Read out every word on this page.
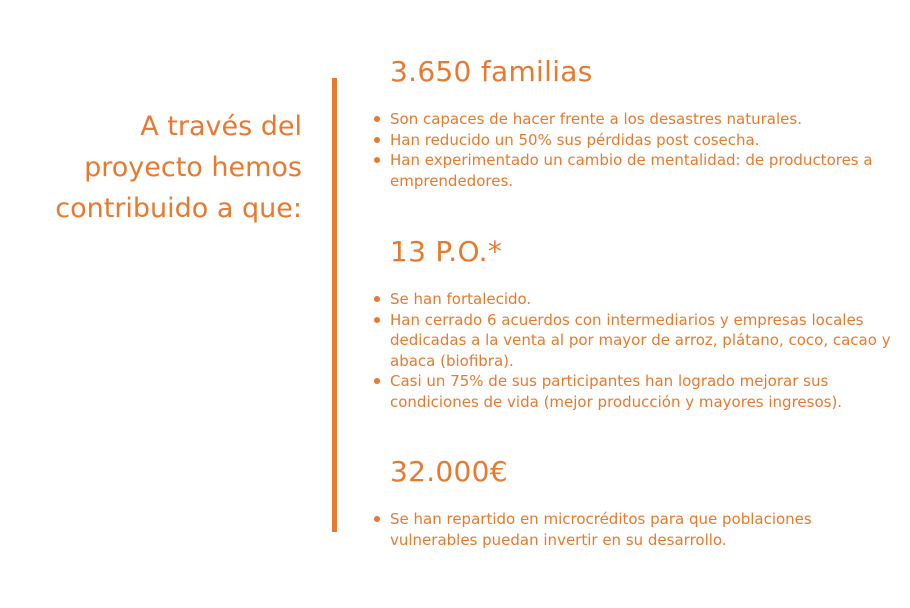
A través del
proyecto hemos
contribuido a que:
3.650 familias
Son capaces de hacer frente a los desastres naturales.
Han reducido un 50% sus pérdidas post cosecha.
Han experimentado un cambio de mentalidad: de productores a emprendedores.
13 P.O.*
Se han fortalecido.
Han cerrado 6 acuerdos con intermediarios y empresas locales dedicadas a la venta al por mayor de arroz, plátano, coco, cacao y abaca (biofibra).
Casi un 75% de sus participantes han logrado mejorar sus condiciones de vida (mejor producción y mayores ingresos).
32.000€
Se han repartido en microcréditos para que poblaciones vulnerables puedan invertir en su desarrollo.
